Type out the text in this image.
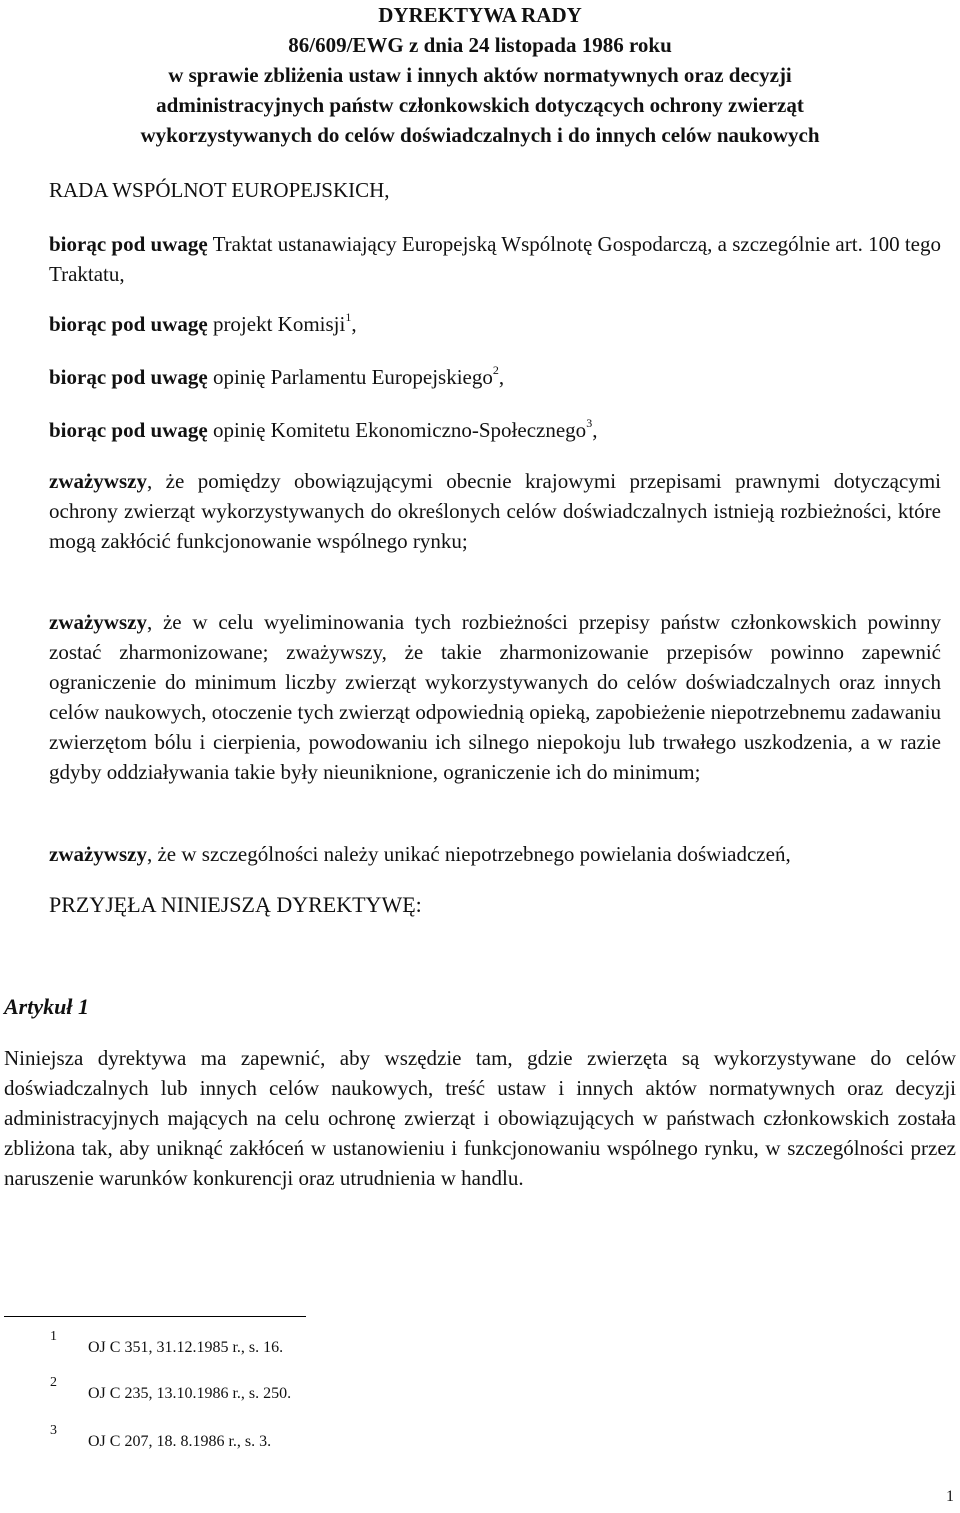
DYREKTYWA RADY
86/609/EWG z dnia 24 listopada 1986 roku
w sprawie zbliżenia ustaw i innych aktów normatywnych oraz decyzji
administracyjnych państw członkowskich dotyczących ochrony zwierząt
wykorzystywanych do celów doświadczalnych i do innych celów naukowych
RADA WSPÓLNOT EUROPEJSKICH,
biorąc pod uwagę Traktat ustanawiający Europejską Wspólnotę Gospodarczą, a szczególnie art. 100 tego Traktatu,
biorąc pod uwagę projekt Komisji$^1$,
biorąc pod uwagę opinię Parlamentu Europejskiego$^2$,
biorąc pod uwagę opinię Komitetu Ekonomiczno-Społecznego$^3$,
zważywszy, że pomiędzy obowiązującymi obecnie krajowymi przepisami prawnymi dotyczącymi ochrony zwierząt wykorzystywanych do określonych celów doświadczalnych istnieją rozbieżności, które mogą zakłócić funkcjonowanie wspólnego rynku;
zważywszy, że w celu wyeliminowania tych rozbieżności przepisy państw członkowskich powinny zostać zharmonizowane; zważywszy, że takie zharmonizowanie przepisów powinno zapewnić ograniczenie do minimum liczby zwierząt wykorzystywanych do celów doświadczalnych oraz innych celów naukowych, otoczenie tych zwierząt odpowiednią opieką, zapobieżenie niepotrzebnemu zadawaniu zwierzętom bólu i cierpienia, powodowaniu ich silnego niepokoju lub trwałego uszkodzenia, a w razie gdyby oddziaływania takie były nieuniknione, ograniczenie ich do minimum;
zważywszy, że w szczególności należy unikać niepotrzebnego powielania doświadczeń,
PRZYJĘŁA NINIEJSZĄ DYREKTYWĘ:
Artykuł 1
Niniejsza dyrektywa ma zapewnić, aby wszędzie tam, gdzie zwierzęta są wykorzystywane do celów doświadczalnych lub innych celów naukowych, treść ustaw i innych aktów normatywnych oraz decyzji administracyjnych mających na celu ochronę zwierząt i obowiązujących w państwach członkowskich została zbliżona tak, aby uniknąć zakłóceń w ustanowieniu i funkcjonowaniu wspólnego rynku, w szczególności przez naruszenie warunków konkurencji oraz utrudnienia w handlu.
1
OJ C 351, 31.12.1985 r., s. 16.
2
OJ C 235, 13.10.1986 r., s. 250.
3
OJ C 207, 18. 8.1986 r., s. 3.
1
